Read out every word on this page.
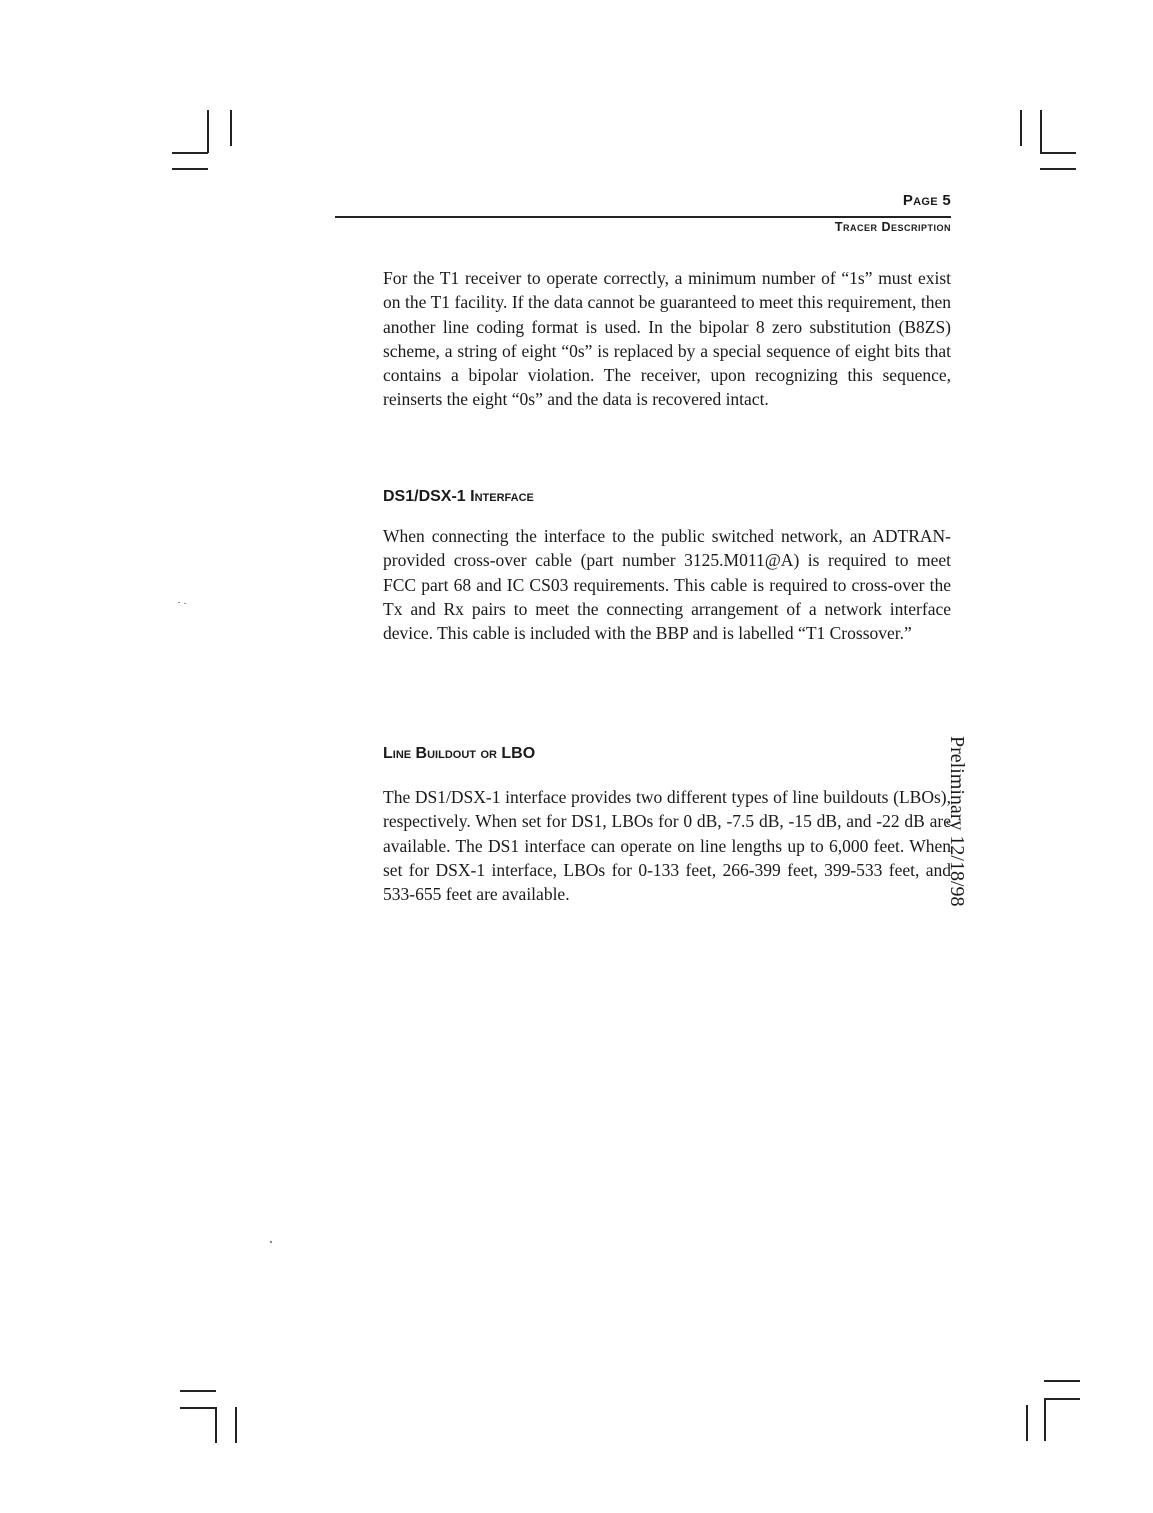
Page 5
Tracer Description

For the T1 receiver to operate correctly, a minimum number of “1s” must exist on the T1 facility. If the data cannot be guaranteed to meet this requirement, then another line coding format is used. In the bipolar 8 zero substitution (B8ZS) scheme, a string of eight “0s” is replaced by a special sequence of eight bits that contains a bipolar violation. The receiver, upon recognizing this sequence, reinserts the eight “0s” and the data is recovered intact.

DS1/DSX-1 Interface

When connecting the interface to the public switched network, an ADTRAN-provided cross-over cable (part number 3125.M011@A) is required to meet FCC part 68 and IC CS03 requirements. This cable is required to cross-over the Tx and Rx pairs to meet the connecting arrangement of a network interface device. This cable is included with the BBP and is labelled “T1 Crossover.”

Line Buildout or LBO

The DS1/DSX-1 interface provides two different types of line buildouts (LBOs), respectively. When set for DS1, LBOs for 0 dB, -7.5 dB, -15 dB, and -22 dB are available. The DS1 interface can operate on line lengths up to 6,000 feet. When set for DSX-1 interface, LBOs for 0-133 feet, 266-399 feet, 399-533 feet, and 533-655 feet are available.	Preliminary 12/18/98
